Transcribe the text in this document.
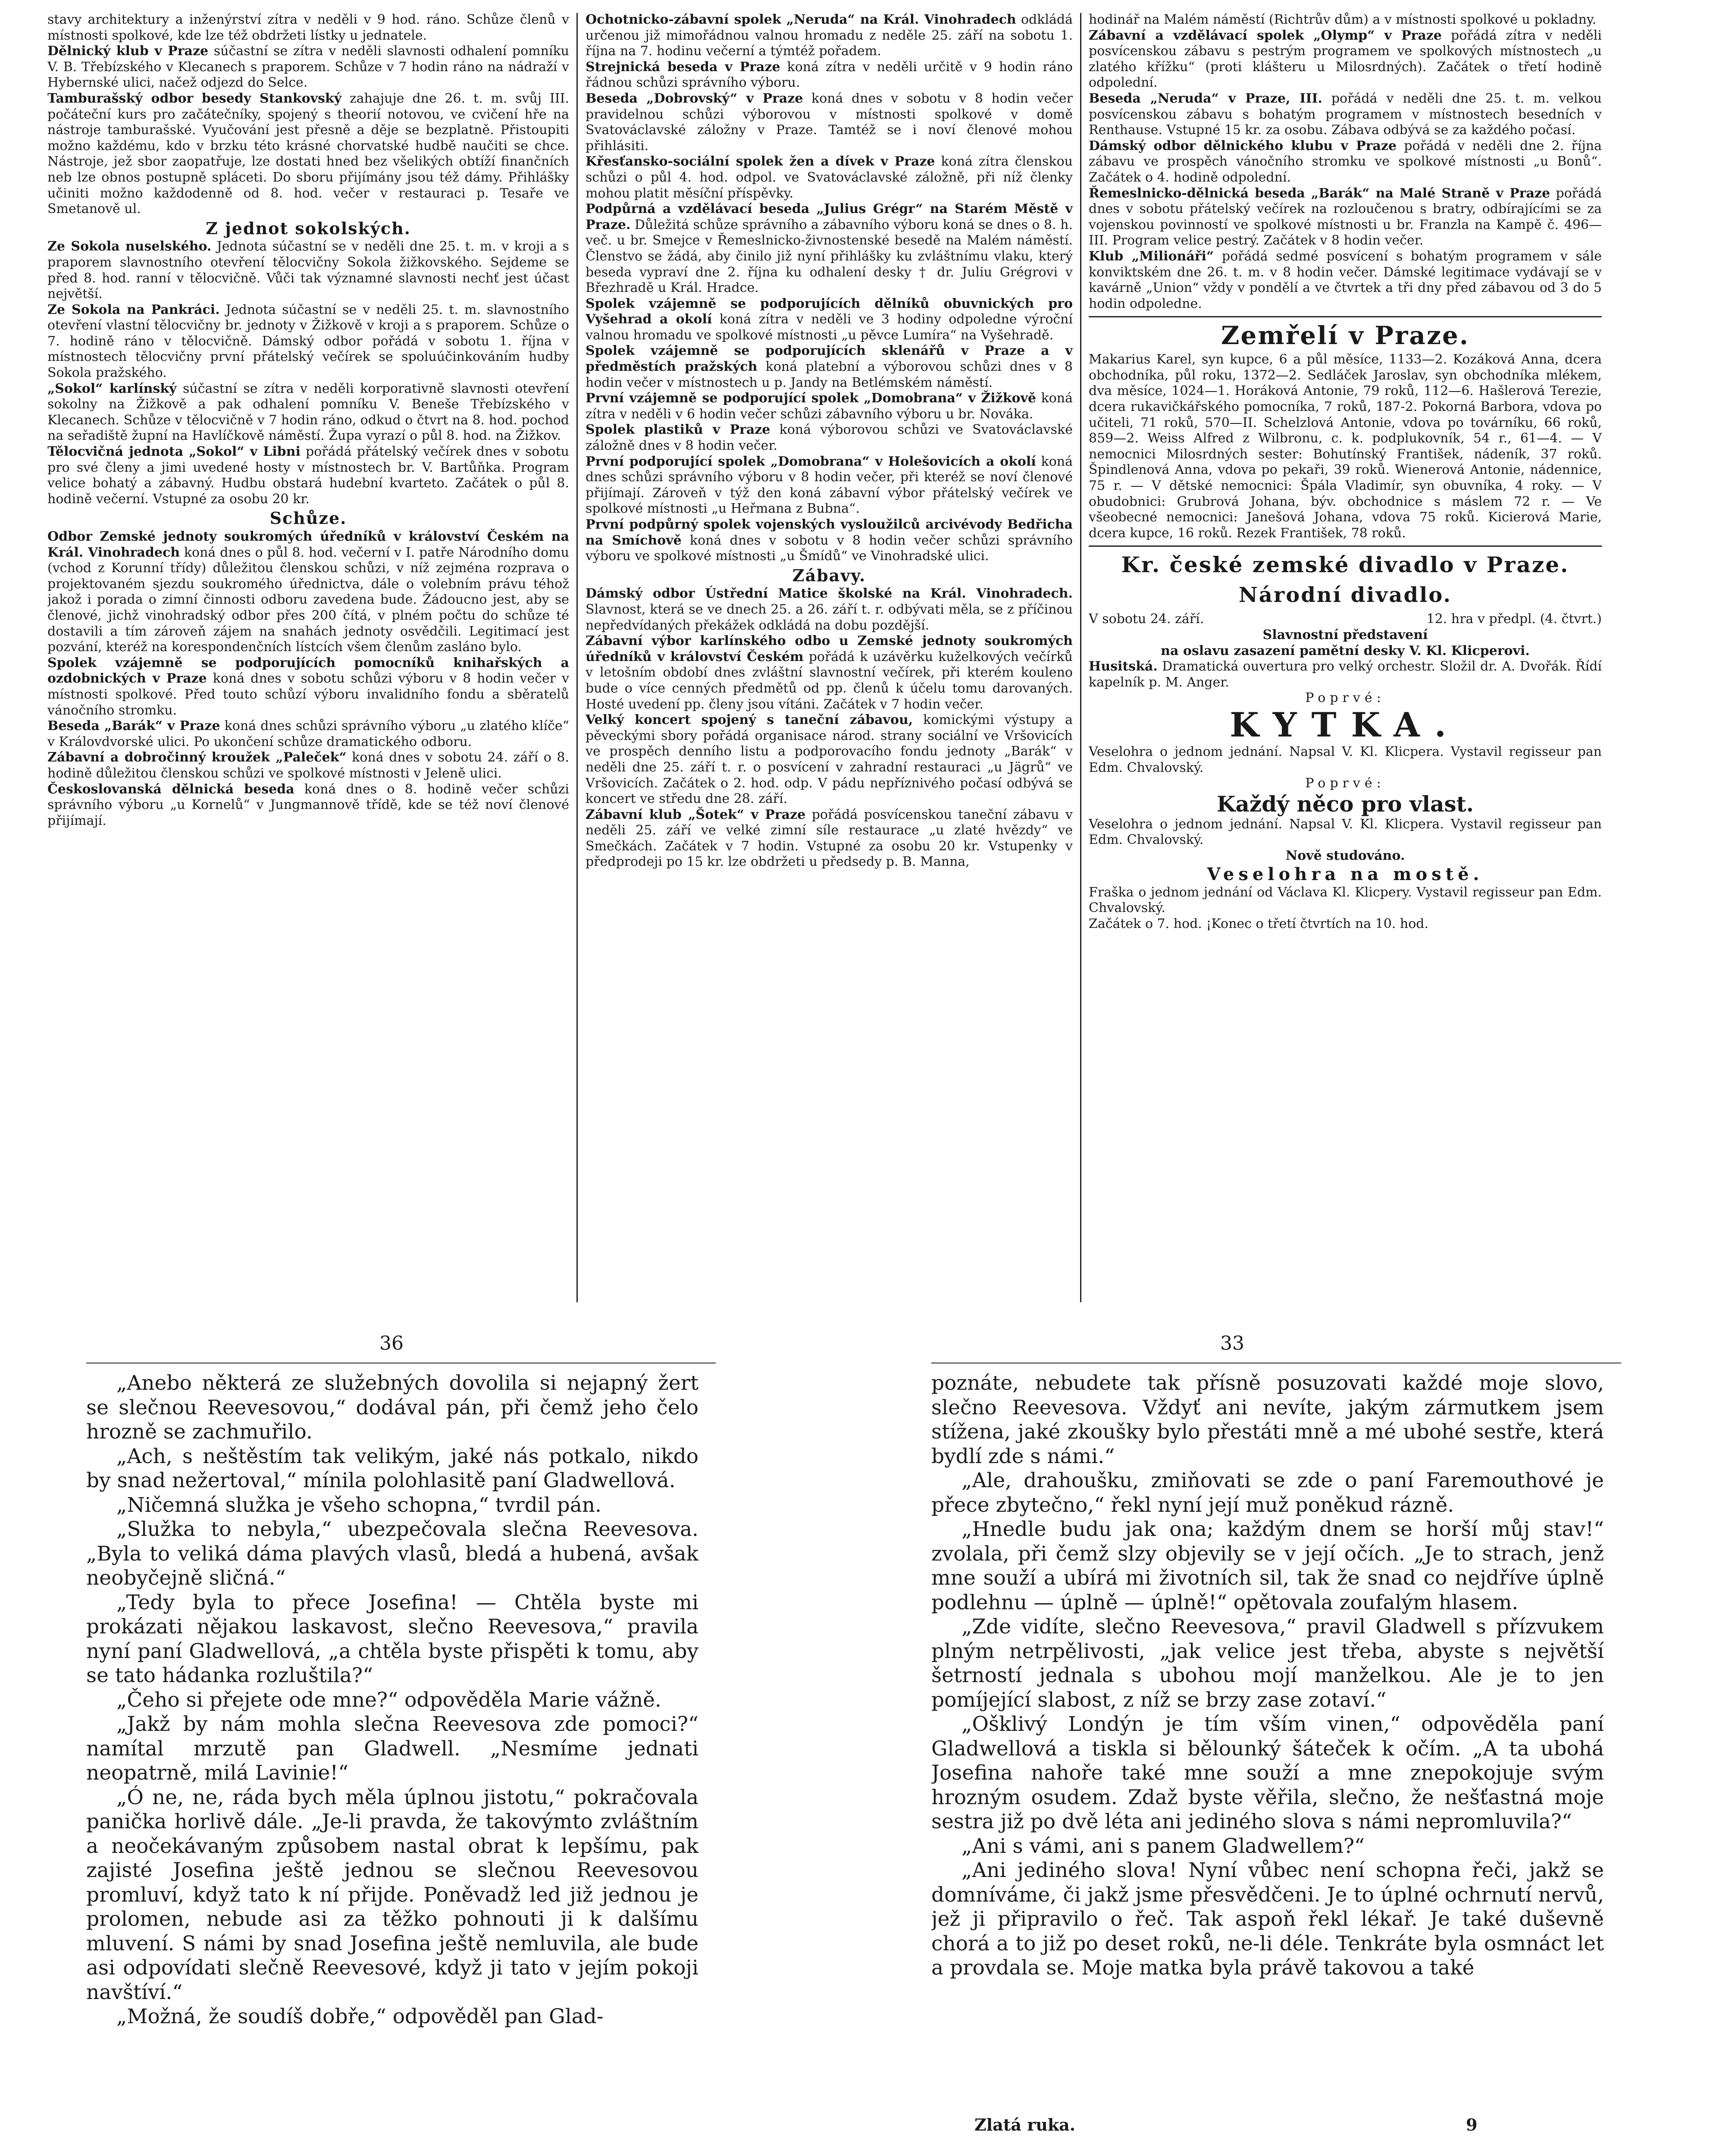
stavy architektury a inženýrství zítra v neděli v 9 hod. ráno. Schůze členů v místnosti spolkové, kde lze též obdržeti lístky u jednatele.

Dělnický klub v Praze súčastní se zítra v neděli slavnosti odhalení pomníku V. B. Třebízského v Klecanech s praporem. Schůze v 7 hodin ráno na nádraží v Hybernské ulici, načež odjezd do Selce.

Tamburašský odbor besedy Stankovský zahajuje dne 26. t. m. svůj III. počáteční kurs pro začátečníky, spojený s theorií notovou, ve cvičení hře na nástroje tamburašské. Vyučování jest přesně a děje se bezplatně. Přistoupiti možno každému, kdo v brzku této krásné chorvatské hudbě naučiti se chce. Nástroje, jež sbor zaopatřuje, lze dostati hned bez všelikých obtíží finančních neb lze obnos postupně spláceti. Do sboru přijímány jsou též dámy. Přihlášky učiniti možno každodenně od 8. hod. večer v restauraci p. Tesaře ve Smetanově ul.

Z jednot sokolských.

Ze Sokola nuselského. Jednota súčastní se v neděli dne 25. t. m. v kroji a s praporem slavnostního otevření tělocvičny Sokola žižkovského. Sejdeme se před 8. hod. ranní v tělocvičně. Vůči tak významné slavnosti nechť jest účast největší.

Ze Sokola na Pankráci. Jednota súčastní se v neděli 25. t. m. slavnostního otevření vlastní tělocvičny br. jednoty v Žižkově v kroji a s praporem. Schůze o 7. hodině ráno v tělocvičně. Dámský odbor pořádá v sobotu 1. října v místnostech tělocvičny první přátelský večírek se spoluúčinkováním hudby Sokola pražského.

„Sokol“ karlínský súčastní se zítra v neděli korporativně slavnosti otevření sokolny na Žižkově a pak odhalení pomníku V. Beneše Třebízského v Klecanech. Schůze v tělocvičně v 7 hodin ráno, odkud o čtvrt na 8. hod. pochod na seřadiště župní na Havlíčkově náměstí. Župa vyrazí o půl 8. hod. na Žižkov.

Tělocvičná jednota „Sokol“ v Libni pořádá přátelský večírek dnes v sobotu pro své členy a jimi uvedené hosty v místnostech br. V. Bartůňka. Program velice bohatý a zábavný. Hudbu obstará hudební kvarteto. Začátek o půl 8. hodině večerní. Vstupné za osobu 20 kr.

Schůze.

Odbor Zemské jednoty soukromých úředníků v království Českém na Král. Vinohradech koná dnes o půl 8. hod. večerní v I. patře Národního domu (vchod z Korunní třídy) důležitou členskou schůzi, v níž zejména rozprava o projektovaném sjezdu soukromého úřednictva, dále o volebním právu téhož jakož i porada o zimní činnosti odboru zavedena bude. Žádoucno jest, aby se členové, jichž vinohradský odbor přes 200 čítá, v plném počtu do schůze té dostavili a tím zároveň zájem na snahách jednoty osvědčili. Legitimací jest pozvání, kteréž na korespondenčních lístcích všem členům zasláno bylo.

Spolek vzájemně se podporujících pomocníků knihařských a ozdobnických v Praze koná dnes v sobotu schůzi výboru v 8 hodin večer v místnosti spolkové. Před touto schůzí výboru invalidního fondu a sběratelů vánočního stromku.

Beseda „Barák“ v Praze koná dnes schůzi správního výboru „u zlatého klíče“ v Královdvorské ulici. Po ukončení schůze dramatického odboru.

Zábavní a dobročinný kroužek „Paleček“ koná dnes v sobotu 24. září o 8. hodině důležitou členskou schůzi ve spolkové místnosti v Jeleně ulici.

Českoslovanská dělnická beseda koná dnes o 8. hodině večer schůzi správního výboru „u Kornelů“ v Jungmannově třídě, kde se též noví členové přijímají.

Ochotnicko-zábavní spolek „Neruda“ na Král. Vinohradech odkládá určenou již mimořádnou valnou hromadu z neděle 25. září na sobotu 1. října na 7. hodinu večerní a týmtéž pořadem.

Strejnická beseda v Praze koná zítra v neděli určitě v 9 hodin ráno řádnou schůzi správního výboru.

Beseda „Dobrovský“ v Praze koná dnes v sobotu v 8 hodin večer pravidelnou schůzi výborovou v místnosti spolkové v domě Svatováclavské záložny v Praze. Tamtéž se i noví členové mohou přihlásiti.

Křesťansko-sociální spolek žen a dívek v Praze koná zítra členskou schůzi o půl 4. hod. odpol. ve Svatováclavské záložně, při níž členky mohou platit měsíční příspěvky.

Podpůrná a vzdělávací beseda „Julius Grégr“ na Starém Městě v Praze. Důležitá schůze správního a zábavního výboru koná se dnes o 8. h. več. u br. Smejce v Řemeslnicko-živnostenské besedě na Malém náměstí. Členstvo se žádá, aby činilo již nyní přihlášky ku zvláštnímu vlaku, který beseda vypraví dne 2. října ku odhalení desky † dr. Juliu Grégrovi v Březhradě u Král. Hradce.

Spolek vzájemně se podporujících dělníků obuvnických pro Vyšehrad a okolí koná zítra v neděli ve 3 hodiny odpoledne výroční valnou hromadu ve spolkové místnosti „u pěvce Lumíra“ na Vyšehradě.

Spolek vzájemně se podporujících sklenářů v Praze a v předměstích pražských koná platební a výborovou schůzi dnes v 8 hodin večer v místnostech u p. Jandy na Betlémském náměstí.

První vzájemně se podporující spolek „Domobrana“ v Žižkově koná zítra v neděli v 6 hodin večer schůzi zábavního výboru u br. Nováka.

Spolek plastiků v Praze koná výborovou schůzi ve Svatováclavské záložně dnes v 8 hodin večer.

První podporující spolek „Domobrana“ v Holešovicích a okolí koná dnes schůzi správního výboru v 8 hodin večer, při kteréž se noví členové přijímají. Zároveň v týž den koná zábavní výbor přátelský večírek ve spolkové místnosti „u Heřmana z Bubna“.

První podpůrný spolek vojenských vysloužilců arcivévody Bedřicha na Smíchově koná dnes v sobotu v 8 hodin večer schůzi správního výboru ve spolkové místnosti „u Šmídů“ ve Vinohradské ulici.

Zábavy.

Dámský odbor Ústřední Matice školské na Král. Vinohradech. Slavnost, která se ve dnech 25. a 26. září t. r. odbývati měla, se z příčinou nepředvídaných překážek odkládá na dobu pozdější.

Zábavní výbor karlínského odbo u Zemské jednoty soukromých úředníků v království Českém pořádá k uzávěrku kuželkových večírků v letošním období dnes zvláštní slavnostní večírek, při kterém kouleno bude o více cenných předmětů od pp. členů k účelu tomu darovaných. Hosté uvedení pp. členy jsou vítáni. Začátek v 7 hodin večer.

Velký koncert spojený s taneční zábavou, komickými výstupy a pěveckými sbory pořádá organisace národ. strany sociální ve Vršovicích ve prospěch denního listu a podporovacího fondu jednoty „Barák“ v neděli dne 25. září t. r. o posvícení v zahradní restauraci „u Jägrů“ ve Vršovicích. Začátek o 2. hod. odp. V pádu nepříznivého počasí odbývá se koncert ve středu dne 28. září.

Zábavní klub „Šotek“ v Praze pořádá posvícenskou taneční zábavu v neděli 25. září ve velké zimní síle restaurace „u zlaté hvězdy“ ve Smečkách. Začátek v 7 hodin. Vstupné za osobu 20 kr. Vstupenky v předprodeji po 15 kr. lze obdržeti u předsedy p. B. Manna,

hodinář na Malém náměstí (Richtrův dům) a v místnosti spolkové u pokladny.

Zábavní a vzdělávací spolek „Olymp“ v Praze pořádá zítra v neděli posvícenskou zábavu s pestrým programem ve spolkových místnostech „u zlatého křížku“ (proti klášteru u Milosrdných). Začátek o třetí hodině odpolední.

Beseda „Neruda“ v Praze, III. pořádá v neděli dne 25. t. m. velkou posvícenskou zábavu s bohatým programem v místnostech besedních v Renthause. Vstupné 15 kr. za osobu. Zábava odbývá se za každého počasí.

Dámský odbor dělnického klubu v Praze pořádá v neděli dne 2. října zábavu ve prospěch vánočního stromku ve spolkové místnosti „u Bonů“. Začátek o 4. hodině odpolední.

Řemeslnicko-dělnická beseda „Barák“ na Malé Straně v Praze pořádá dnes v sobotu přátelský večírek na rozloučenou s bratry, odbírajícími se za vojenskou povinností ve spolkové místnosti u br. Franzla na Kampě č. 496—III. Program velice pestrý. Začátek v 8 hodin večer.

Klub „Milionáři“ pořádá sedmé posvícení s bohatým programem v sále konviktském dne 26. t. m. v 8 hodin večer. Dámské legitimace vydávají se v kavárně „Union“ vždy v pondělí a ve čtvrtek a tři dny před zábavou od 3 do 5 hodin odpoledne.

Zemřelí v Praze.

Makarius Karel, syn kupce, 6 a půl měsíce, 1133—2. Kozáková Anna, dcera obchodníka, půl roku, 1372—2. Sedláček Jaroslav, syn obchodníka mlékem, dva měsíce, 1024—1. Horáková Antonie, 79 roků, 112—6. Hašlerová Terezie, dcera rukavičkářského pomocníka, 7 roků, 187-2. Pokorná Barbora, vdova po učiteli, 71 roků, 570—II. Schelzlová Antonie, vdova po továrníku, 66 roků, 859—2. Weiss Alfred z Wilbronu, c. k. podplukovník, 54 r., 61—4. — V nemocnici Milosrdných sester: Bohutínský František, nádeník, 37 roků. Špindlenová Anna, vdova po pekaři, 39 roků. Wienerová Antonie, nádennice, 75 r. — V dětské nemocnici: Špála Vladimír, syn obuvníka, 4 roky. — V obudobnici: Grubrová Johana, býv. obchodnice s máslem 72 r. — Ve všeobecné nemocnici: Janešová Johana, vdova 75 roků. Kicierová Marie, dcera kupce, 16 roků. Rezek František, 78 roků.

Kr. české zemské divadlo v Praze.
Národní divadlo.
V sobotu 24. září.	12. hra v předpl. (4. čtvrt.)

Slavnostní představení

na oslavu zasazení pamětní desky V. Kl. Klicperovi.

Husitská. Dramatická ouvertura pro velký orchestr. Složil dr. A. Dvořák. Řídí kapelník p. M. Anger.

Poprvé:

KYTKA.

Veselohra o jednom jednání. Napsal V. Kl. Klicpera. Vystavil regisseur pan Edm. Chvalovský.

Poprvé:

Každý něco pro vlast.

Veselohra o jednom jednání. Napsal V. Kl. Klicpera. Vystavil regisseur pan Edm. Chvalovský.

Nově studováno.

Veselohra na mostě.

Fraška o jednom jednání od Václava Kl. Klicpery. Vystavil regisseur pan Edm. Chvalovský.

Začátek o 7. hod. ¡Konec o třetí čtvrtích na 10. hod.

36	33

„Anebo některá ze služebných dovolila si nejapný žert se slečnou Reevesovou,“ dodával pán, při čemž jeho čelo hrozně se zachmuřilo.

„Ach, s neštěstím tak velikým, jaké nás potkalo, nikdo by snad nežertoval,“ mínila polohlasitě paní Gladwellová.

„Ničemná služka je všeho schopna,“ tvrdil pán.

„Služka to nebyla,“ ubezpečovala slečna Reevesova. „Byla to veliká dáma plavých vlasů, bledá a hubená, avšak neobyčejně sličná.“

„Tedy byla to přece Josefina! — Chtěla byste mi prokázati nějakou laskavost, slečno Reevesova,“ pravila nyní paní Gladwellová, „a chtěla byste přispěti k tomu, aby se tato hádanka rozluštila?“

„Čeho si přejete ode mne?“ odpověděla Marie vážně.

„Jakž by nám mohla slečna Reevesova zde pomoci?“ namítal mrzutě pan Gladwell. „Nesmíme jednati neopatrně, milá Lavinie!“

„Ó ne, ne, ráda bych měla úplnou jistotu,“ pokračovala panička horlivě dále. „Je-li pravda, že takovýmto zvláštním a neočekávaným způsobem nastal obrat k lepšímu, pak zajisté Josefina ještě jednou se slečnou Reevesovou promluví, když tato k ní přijde. Poněvadž led již jednou je prolomen, nebude asi za těžko pohnouti ji k dalšímu mluvení. S námi by snad Josefina ještě nemluvila, ale bude asi odpovídati slečně Reevesové, když ji tato v jejím pokoji navštíví.“

„Možná, že soudíš dobře,“ odpověděl pan Glad-

poznáte, nebudete tak přísně posuzovati každé moje slovo, slečno Reevesova. Vždyť ani nevíte, jakým zármutkem jsem stížena, jaké zkoušky bylo přestáti mně a mé ubohé sestře, která bydlí zde s námi.“

„Ale, drahoušku, zmiňovati se zde o paní Faremouthové je přece zbytečno,“ řekl nyní její muž poněkud rázně.

„Hnedle budu jak ona; každým dnem se horší můj stav!“ zvolala, při čemž slzy objevily se v její očích. „Je to strach, jenž mne souží a ubírá mi životních sil, tak že snad co nejdříve úplně podlehnu — úplně — úplně!“ opětovala zoufalým hlasem.

„Zde vidíte, slečno Reevesova,“ pravil Gladwell s přízvukem plným netrpělivosti, „jak velice jest třeba, abyste s největší šetrností jednala s ubohou mojí manželkou. Ale je to jen pomíjející slabost, z níž se brzy zase zotaví.“

„Ošklivý Londýn je tím vším vinen,“ odpověděla paní Gladwellová a tiskla si bělounký šáteček k očím. „A ta ubohá Josefina nahoře také mne souží a mne znepokojuje svým hrozným osudem. Zdaž byste věřila, slečno, že nešťastná moje sestra již po dvě léta ani jediného slova s námi nepromluvila?“

„Ani s vámi, ani s panem Gladwellem?“

„Ani jediného slova! Nyní vůbec není schopna řeči, jakž se domníváme, či jakž jsme přesvědčeni. Je to úplné ochrnutí nervů, jež ji připravilo o řeč. Tak aspoň řekl lékař. Je také duševně chorá a to již po deset roků, ne-li déle. Tenkráte byla osmnáct let a provdala se. Moje matka byla právě takovou a také

Zlatá ruka.	9
